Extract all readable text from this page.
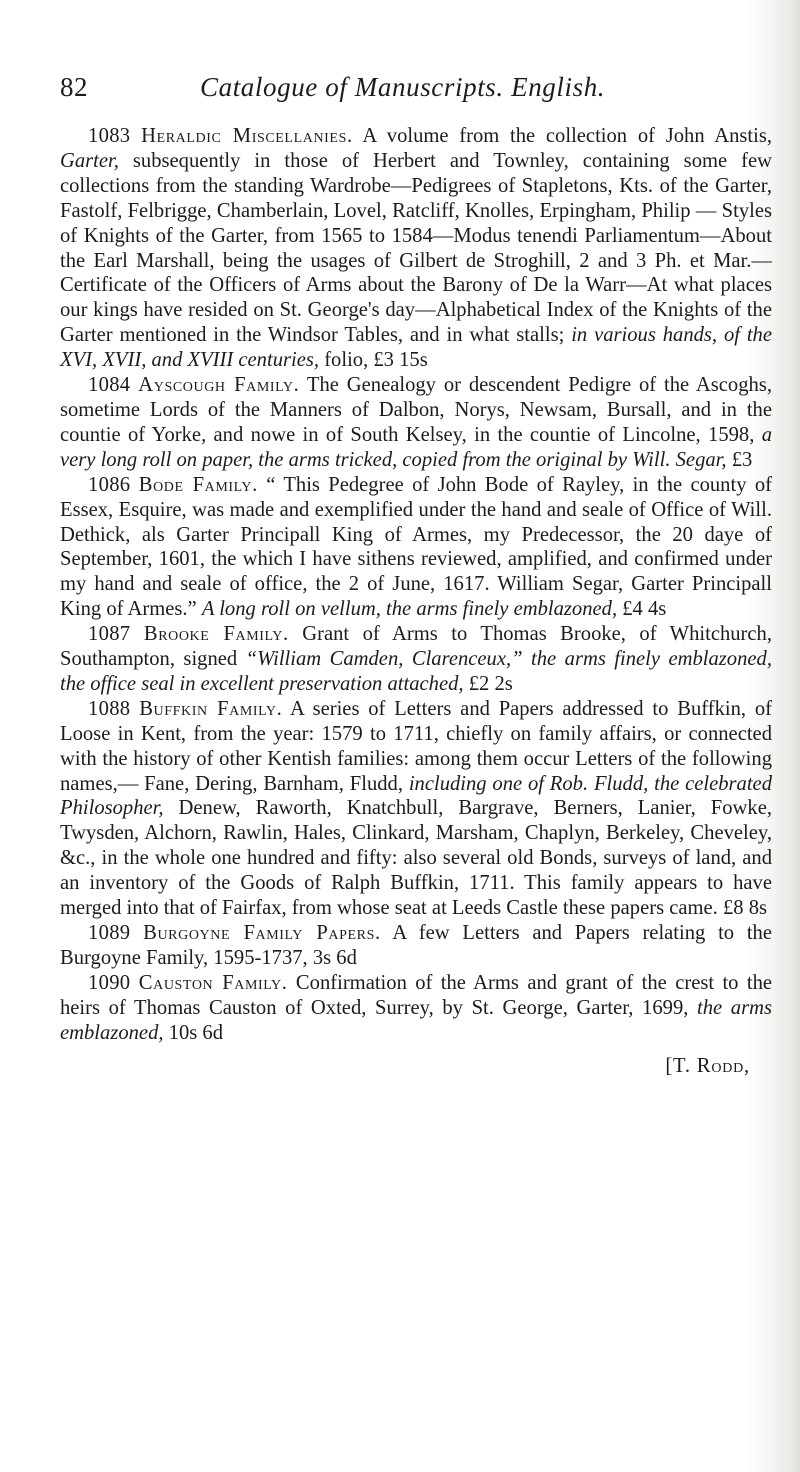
82	Catalogue of Manuscripts. English.

1083 Heraldic Miscellanies. A volume from the collection of John Anstis, Garter, subsequently in those of Herbert and Townley, containing some few collections from the standing Wardrobe—Pedigrees of Stapletons, Kts. of the Garter, Fastolf, Felbrigge, Chamberlain, Lovel, Ratcliff, Knolles, Erpingham, Philip — Styles of Knights of the Garter, from 1565 to 1584—Modus tenendi Parliamentum—About the Earl Marshall, being the usages of Gilbert de Stroghill, 2 and 3 Ph. et Mar.—Certificate of the Officers of Arms about the Barony of De la Warr—At what places our kings have resided on St. George's day—Alphabetical Index of the Knights of the Garter mentioned in the Windsor Tables, and in what stalls; in various hands, of the XVI, XVII, and XVIII centuries, folio, £3 15s

1084 Ayscough Family. The Genealogy or descendent Pedigre of the Ascoghs, sometime Lords of the Manners of Dalbon, Norys, Newsam, Bursall, and in the countie of Yorke, and nowe in of South Kelsey, in the countie of Lincolne, 1598, a very long roll on paper, the arms tricked, copied from the original by Will. Segar, £3

1086 Bode Family. “ This Pedegree of John Bode of Rayley, in the county of Essex, Esquire, was made and exemplified under the hand and seale of Office of Will. Dethick, als Garter Principall King of Armes, my Predecessor, the 20 daye of September, 1601, the which I have sithens reviewed, amplified, and confirmed under my hand and seale of office, the 2 of June, 1617. William Segar, Garter Principall King of Armes.” A long roll on vellum, the arms finely emblazoned, £4 4s

1087 Brooke Family. Grant of Arms to Thomas Brooke, of Whitchurch, Southampton, signed “William Camden, Clarenceux,” the arms finely emblazoned, the office seal in excellent preservation attached, £2 2s

1088 Buffkin Family. A series of Letters and Papers addressed to Buffkin, of Loose in Kent, from the year: 1579 to 1711, chiefly on family affairs, or connected with the history of other Kentish families: among them occur Letters of the following names,— Fane, Dering, Barnham, Fludd, including one of Rob. Fludd, the celebrated Philosopher, Denew, Raworth, Knatchbull, Bargrave, Berners, Lanier, Fowke, Twysden, Alchorn, Rawlin, Hales, Clinkard, Marsham, Chaplyn, Berkeley, Cheveley, &c., in the whole one hundred and fifty: also several old Bonds, surveys of land, and an inventory of the Goods of Ralph Buffkin, 1711. This family appears to have merged into that of Fairfax, from whose seat at Leeds Castle these papers came. £8 8s

1089 Burgoyne Family Papers. A few Letters and Papers relating to the Burgoyne Family, 1595-1737, 3s 6d

1090 Causton Family. Confirmation of the Arms and grant of the crest to the heirs of Thomas Causton of Oxted, Surrey, by St. George, Garter, 1699, the arms emblazoned, 10s 6d

[T. Rodd,
